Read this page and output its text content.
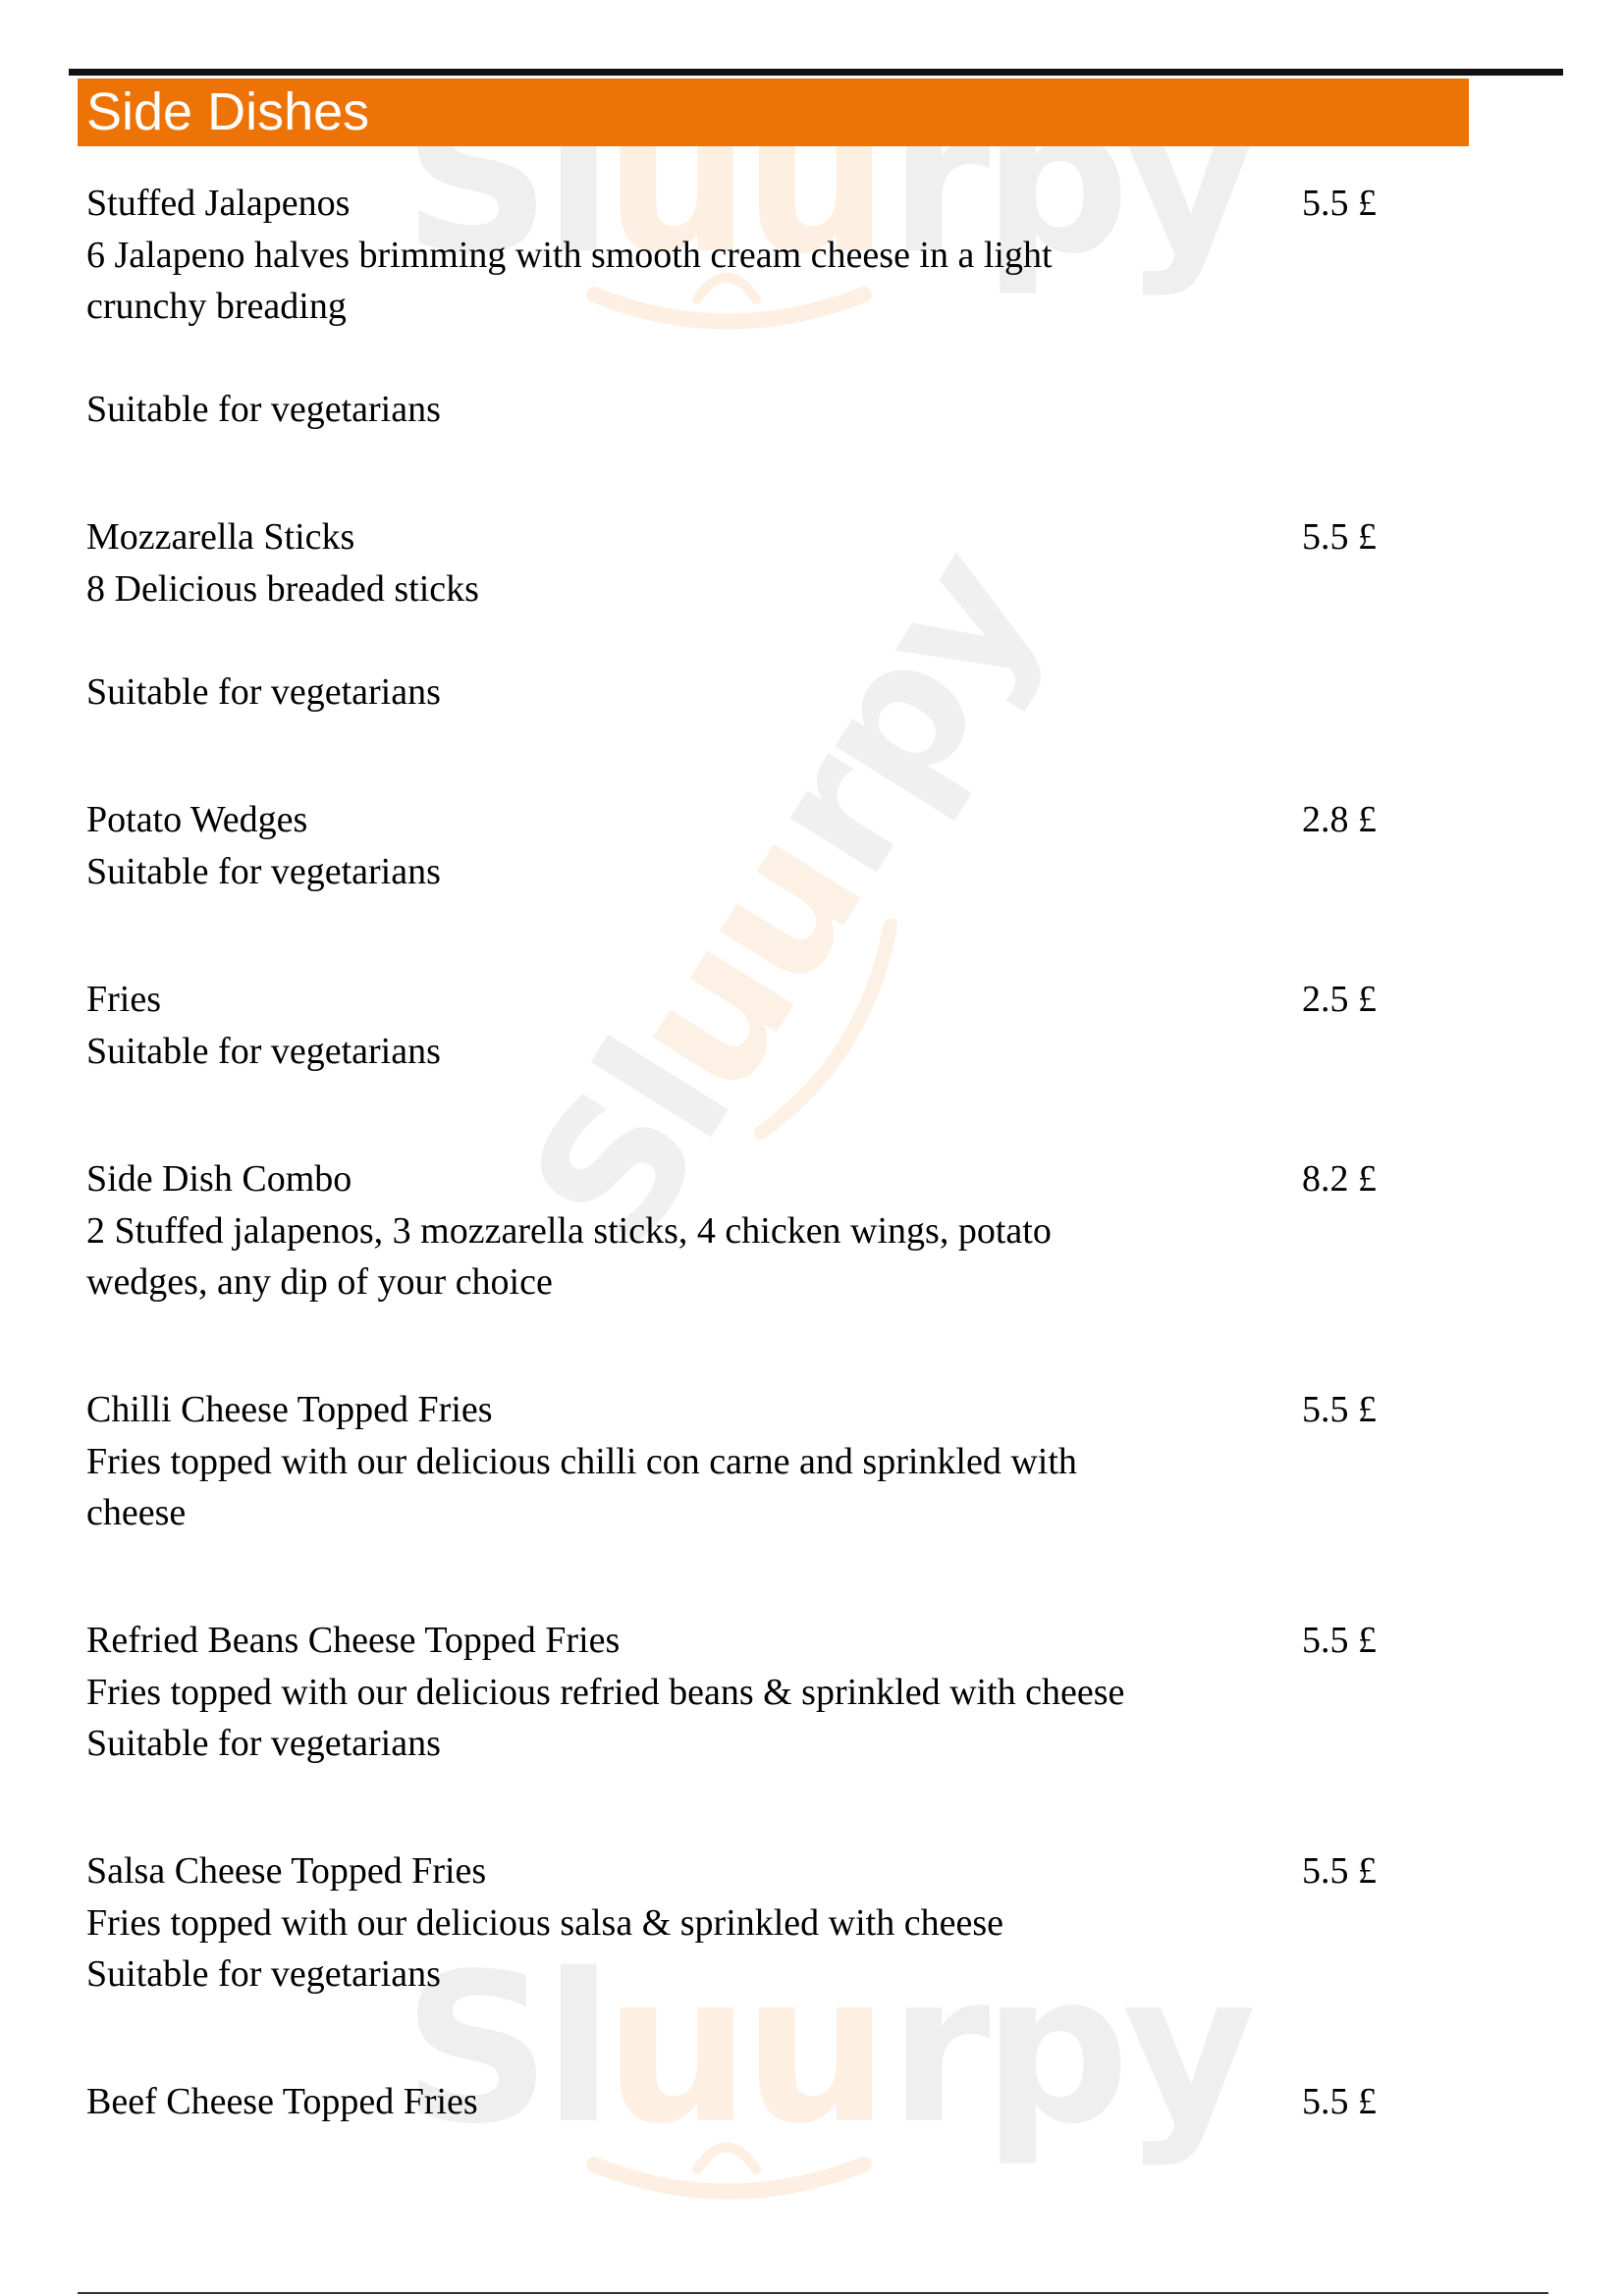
Sl
uu rpy
Sl
uu
rpy
Sl
uu rpy
Side Dishes
Stuffed Jalapenos
6 Jalapeno halves brimming with smooth cream cheese in a light
crunchy breading
Suitable for vegetarians
5.5 £
Mozzarella Sticks
8 Delicious breaded sticks
Suitable for vegetarians
5.5 £
Potato Wedges
Suitable for vegetarians
2.8 £
Fries
Suitable for vegetarians
2.5 £
Side Dish Combo
2 Stuffed jalapenos, 3 mozzarella sticks, 4 chicken wings, potato
wedges, any dip of your choice
8.2 £
Chilli Cheese Topped Fries
Fries topped with our delicious chilli con carne and sprinkled with
cheese
5.5 £
Refried Beans Cheese Topped Fries
Fries topped with our delicious refried beans & sprinkled with cheese
Suitable for vegetarians
5.5 £
Salsa Cheese Topped Fries
Fries topped with our delicious salsa & sprinkled with cheese
Suitable for vegetarians
5.5 £
Beef Cheese Topped Fries	5.5 £
